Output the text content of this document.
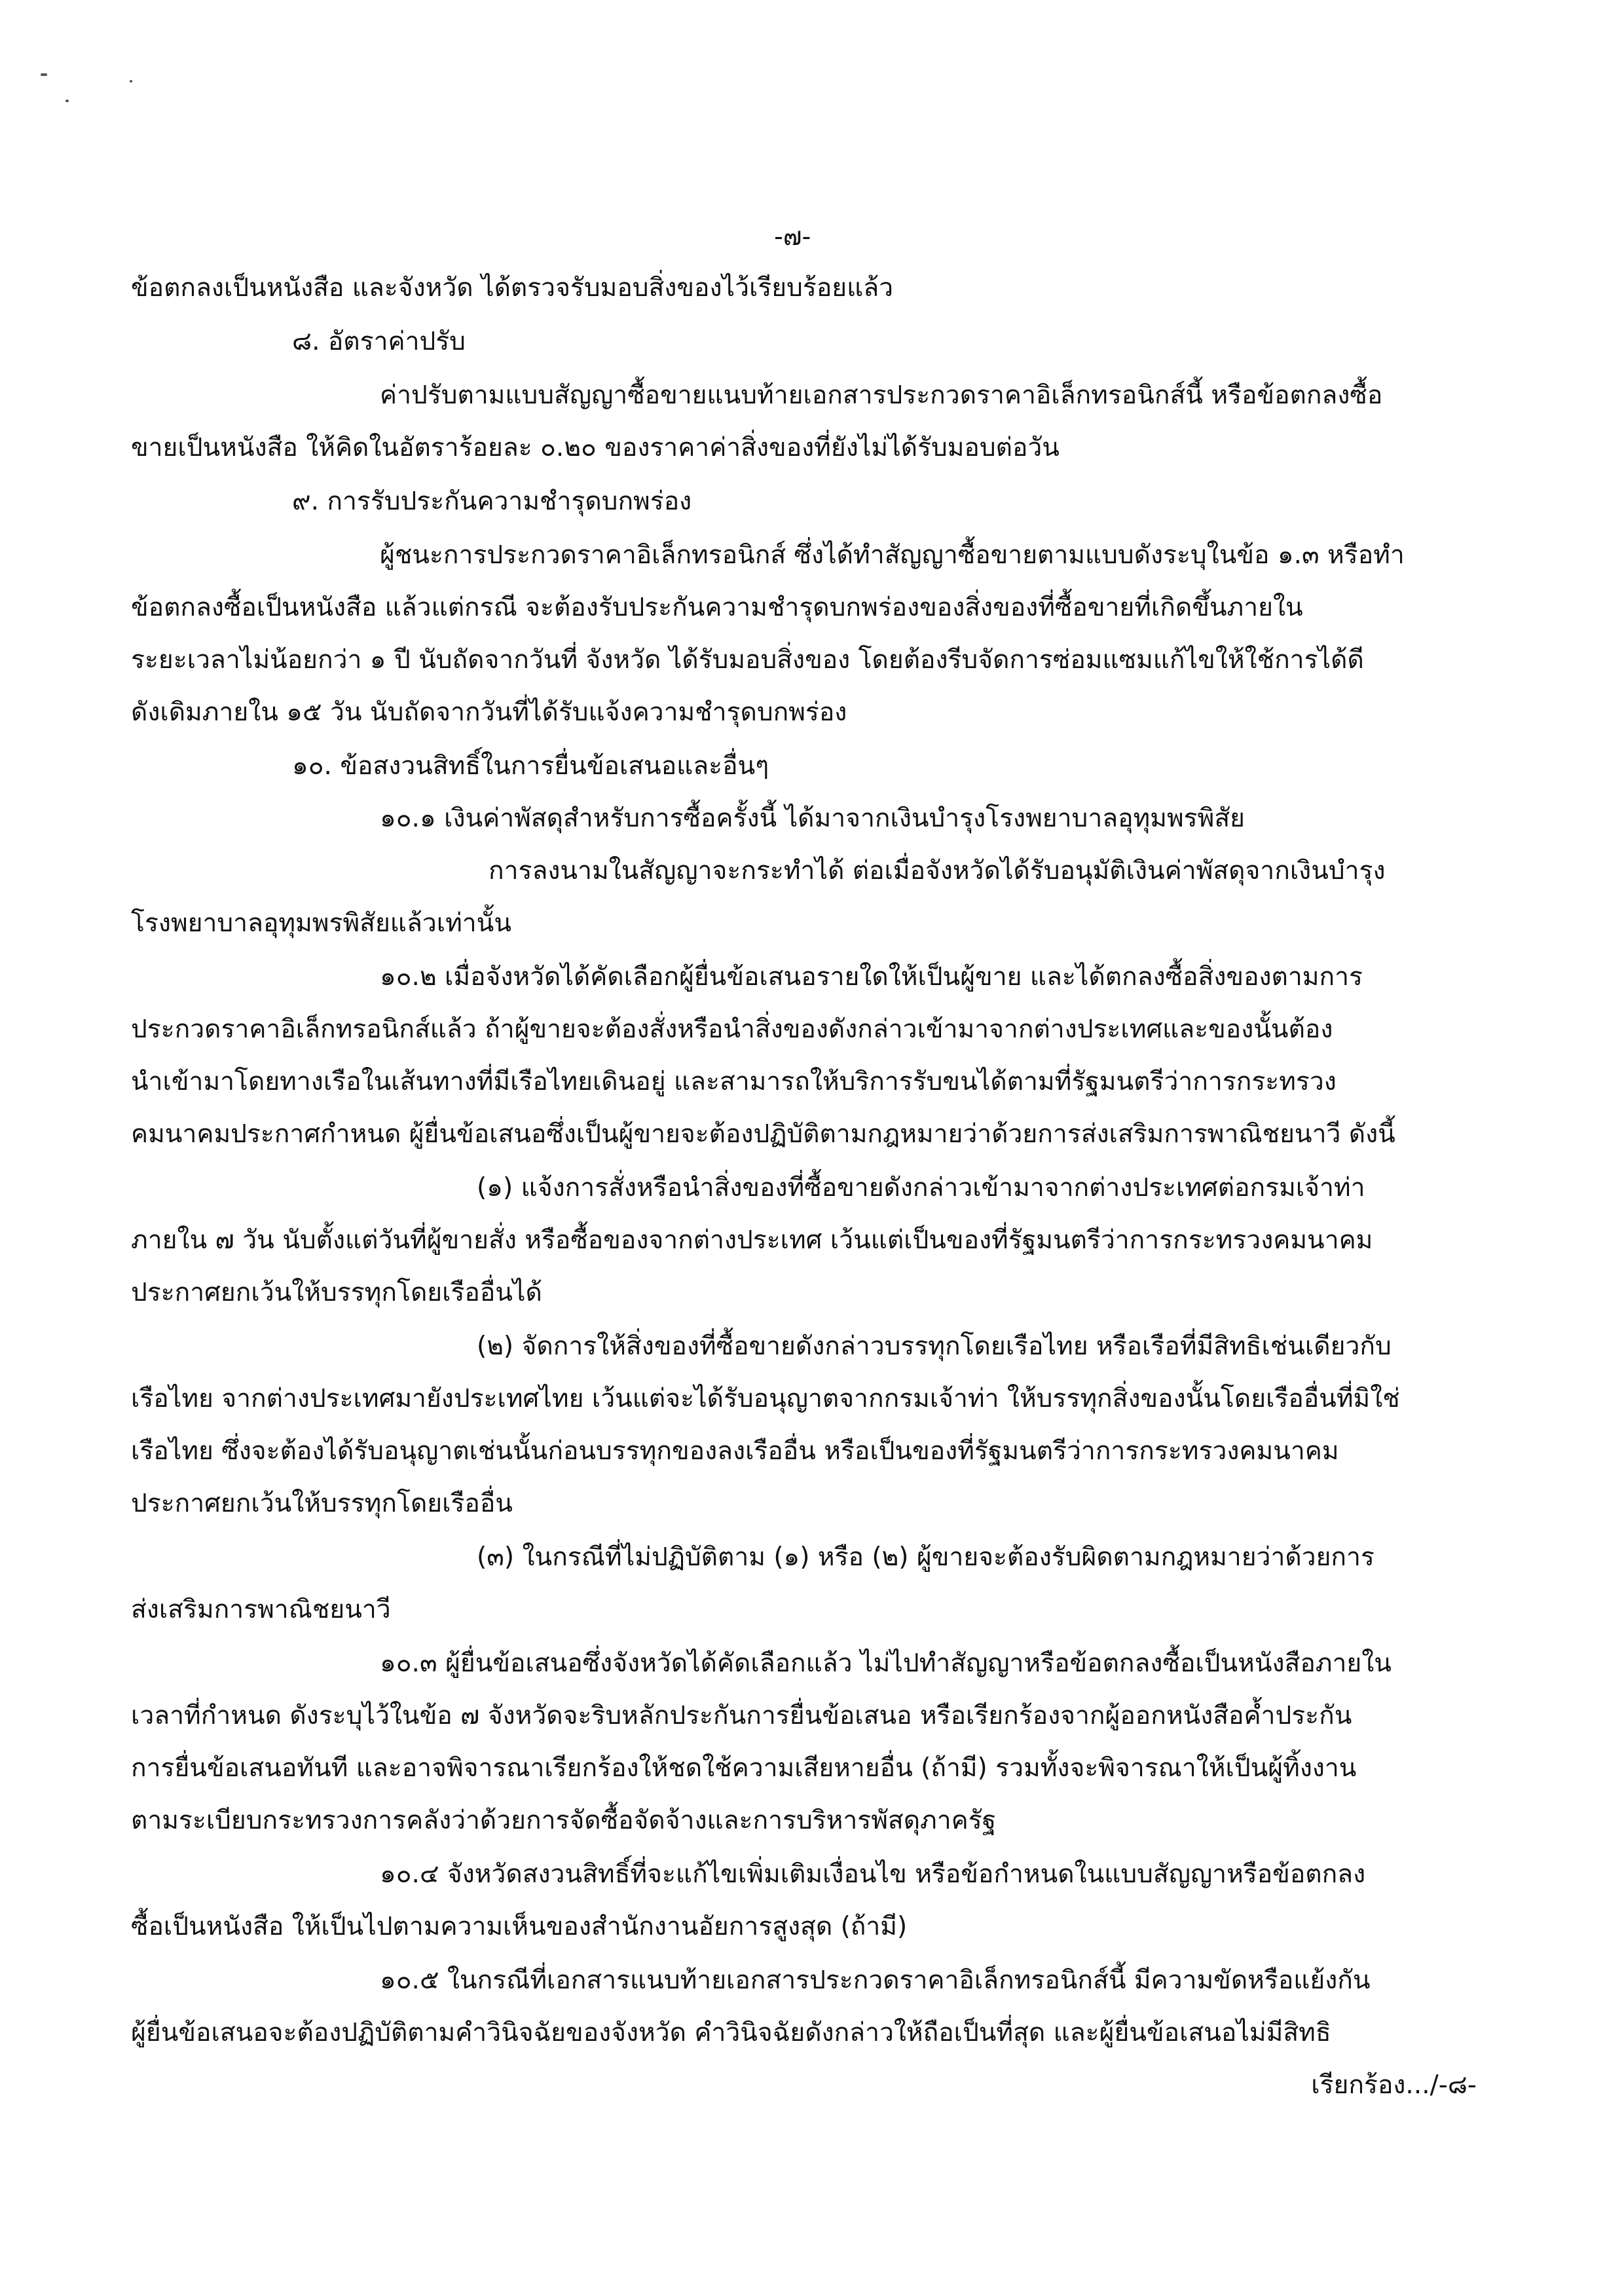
-๗-
ข้อตกลงเป็นหนังสือ และจังหวัด ได้ตรวจรับมอบสิ่งของไว้เรียบร้อยแล้ว
๘. อัตราค่าปรับ
ค่าปรับตามแบบสัญญาซื้อขายแนบท้ายเอกสารประกวดราคาอิเล็กทรอนิกส์นี้ หรือข้อตกลงซื้อ
ขายเป็นหนังสือ ให้คิดในอัตราร้อยละ ๐.๒๐ ของราคาค่าสิ่งของที่ยังไม่ได้รับมอบต่อวัน
๙. การรับประกันความชำรุดบกพร่อง
ผู้ชนะการประกวดราคาอิเล็กทรอนิกส์ ซึ่งได้ทำสัญญาซื้อขายตามแบบดังระบุในข้อ ๑.๓ หรือทำ
ข้อตกลงซื้อเป็นหนังสือ แล้วแต่กรณี จะต้องรับประกันความชำรุดบกพร่องของสิ่งของที่ซื้อขายที่เกิดขึ้นภายใน
ระยะเวลาไม่น้อยกว่า ๑ ปี นับถัดจากวันที่ จังหวัด ได้รับมอบสิ่งของ โดยต้องรีบจัดการซ่อมแซมแก้ไขให้ใช้การได้ดี
ดังเดิมภายใน ๑๕ วัน นับถัดจากวันที่ได้รับแจ้งความชำรุดบกพร่อง
๑๐. ข้อสงวนสิทธิ์ในการยื่นข้อเสนอและอื่นๆ
๑๐.๑ เงินค่าพัสดุสำหรับการซื้อครั้งนี้ ได้มาจากเงินบำรุงโรงพยาบาลอุทุมพรพิสัย
การลงนามในสัญญาจะกระทำได้ ต่อเมื่อจังหวัดได้รับอนุมัติเงินค่าพัสดุจากเงินบำรุง
โรงพยาบาลอุทุมพรพิสัยแล้วเท่านั้น
๑๐.๒ เมื่อจังหวัดได้คัดเลือกผู้ยื่นข้อเสนอรายใดให้เป็นผู้ขาย และได้ตกลงซื้อสิ่งของตามการ
ประกวดราคาอิเล็กทรอนิกส์แล้ว ถ้าผู้ขายจะต้องสั่งหรือนำสิ่งของดังกล่าวเข้ามาจากต่างประเทศและของนั้นต้อง
นำเข้ามาโดยทางเรือในเส้นทางที่มีเรือไทยเดินอยู่ และสามารถให้บริการรับขนได้ตามที่รัฐมนตรีว่าการกระทรวง
คมนาคมประกาศกำหนด ผู้ยื่นข้อเสนอซึ่งเป็นผู้ขายจะต้องปฏิบัติตามกฎหมายว่าด้วยการส่งเสริมการพาณิชยนาวี ดังนี้
(๑) แจ้งการสั่งหรือนำสิ่งของที่ซื้อขายดังกล่าวเข้ามาจากต่างประเทศต่อกรมเจ้าท่า
ภายใน ๗ วัน นับตั้งแต่วันที่ผู้ขายสั่ง หรือซื้อของจากต่างประเทศ เว้นแต่เป็นของที่รัฐมนตรีว่าการกระทรวงคมนาคม
ประกาศยกเว้นให้บรรทุกโดยเรืออื่นได้
(๒) จัดการให้สิ่งของที่ซื้อขายดังกล่าวบรรทุกโดยเรือไทย หรือเรือที่มีสิทธิเช่นเดียวกับ
เรือไทย จากต่างประเทศมายังประเทศไทย เว้นแต่จะได้รับอนุญาตจากกรมเจ้าท่า ให้บรรทุกสิ่งของนั้นโดยเรืออื่นที่มิใช่
เรือไทย ซึ่งจะต้องได้รับอนุญาตเช่นนั้นก่อนบรรทุกของลงเรืออื่น หรือเป็นของที่รัฐมนตรีว่าการกระทรวงคมนาคม
ประกาศยกเว้นให้บรรทุกโดยเรืออื่น
(๓) ในกรณีที่ไม่ปฏิบัติตาม (๑) หรือ (๒) ผู้ขายจะต้องรับผิดตามกฎหมายว่าด้วยการ
ส่งเสริมการพาณิชยนาวี
๑๐.๓ ผู้ยื่นข้อเสนอซึ่งจังหวัดได้คัดเลือกแล้ว ไม่ไปทำสัญญาหรือข้อตกลงซื้อเป็นหนังสือภายใน
เวลาที่กำหนด ดังระบุไว้ในข้อ ๗ จังหวัดจะริบหลักประกันการยื่นข้อเสนอ หรือเรียกร้องจากผู้ออกหนังสือค้ำประกัน
การยื่นข้อเสนอทันที และอาจพิจารณาเรียกร้องให้ชดใช้ความเสียหายอื่น (ถ้ามี) รวมทั้งจะพิจารณาให้เป็นผู้ทิ้งงาน
ตามระเบียบกระทรวงการคลังว่าด้วยการจัดซื้อจัดจ้างและการบริหารพัสดุภาครัฐ
๑๐.๔ จังหวัดสงวนสิทธิ์ที่จะแก้ไขเพิ่มเติมเงื่อนไข หรือข้อกำหนดในแบบสัญญาหรือข้อตกลง
ซื้อเป็นหนังสือ ให้เป็นไปตามความเห็นของสำนักงานอัยการสูงสุด (ถ้ามี)
๑๐.๕ ในกรณีที่เอกสารแนบท้ายเอกสารประกวดราคาอิเล็กทรอนิกส์นี้ มีความขัดหรือแย้งกัน
ผู้ยื่นข้อเสนอจะต้องปฏิบัติตามคำวินิจฉัยของจังหวัด คำวินิจฉัยดังกล่าวให้ถือเป็นที่สุด และผู้ยื่นข้อเสนอไม่มีสิทธิ
เรียกร้อง.../-๘-
